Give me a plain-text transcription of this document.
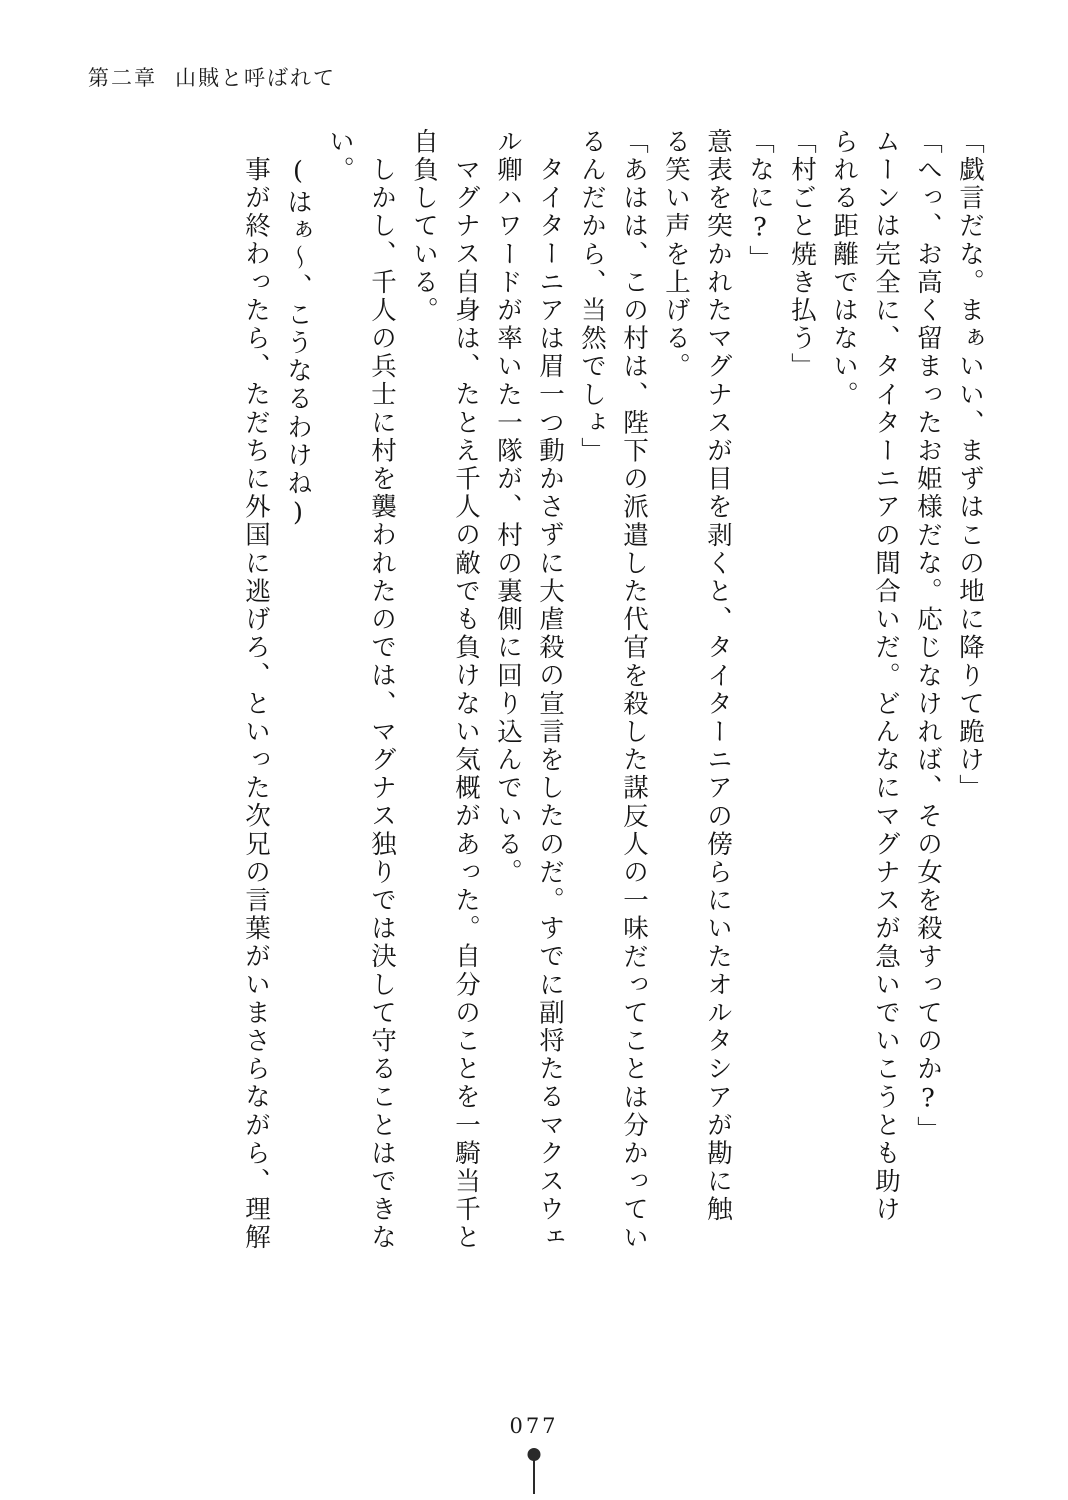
第二章 山賊と呼ばれて
「戯言だな。まぁいい、まずはこの地に降りて跪け」
「へっ、お高く留まったお姫様だな。応じなければ、その女を殺すってのか?」
ムーンは完全に、タイターニアの間合いだ。どんなにマグナスが急いでいこうとも助け
られる距離ではない。
「村ごと焼き払う」
「なに?」
意表を突かれたマグナスが目を剥くと、タイターニアの傍らにいたオルタシアが勘に触
る笑い声を上げる。
「あはは、この村は、陛下の派遣した代官を殺した謀反人の一味だってことは分かってい
るんだから、当然でしょ」
タイターニアは眉一つ動かさずに大虐殺の宣言をしたのだ。すでに副将たるマクスウェ
ル卿ハワードが率いた一隊が、村の裏側に回り込んでいる。
マグナス自身は、たとえ千人の敵でも負けない気概があった。自分のことを一騎当千と
自負している。
しかし、千人の兵士に村を襲われたのでは、マグナス独りでは決して守ることはできな
い。
(はぁ〜、こうなるわけね)
事が終わったら、ただちに外国に逃げろ、といった次兄の言葉がいまさらながら、理解
077
